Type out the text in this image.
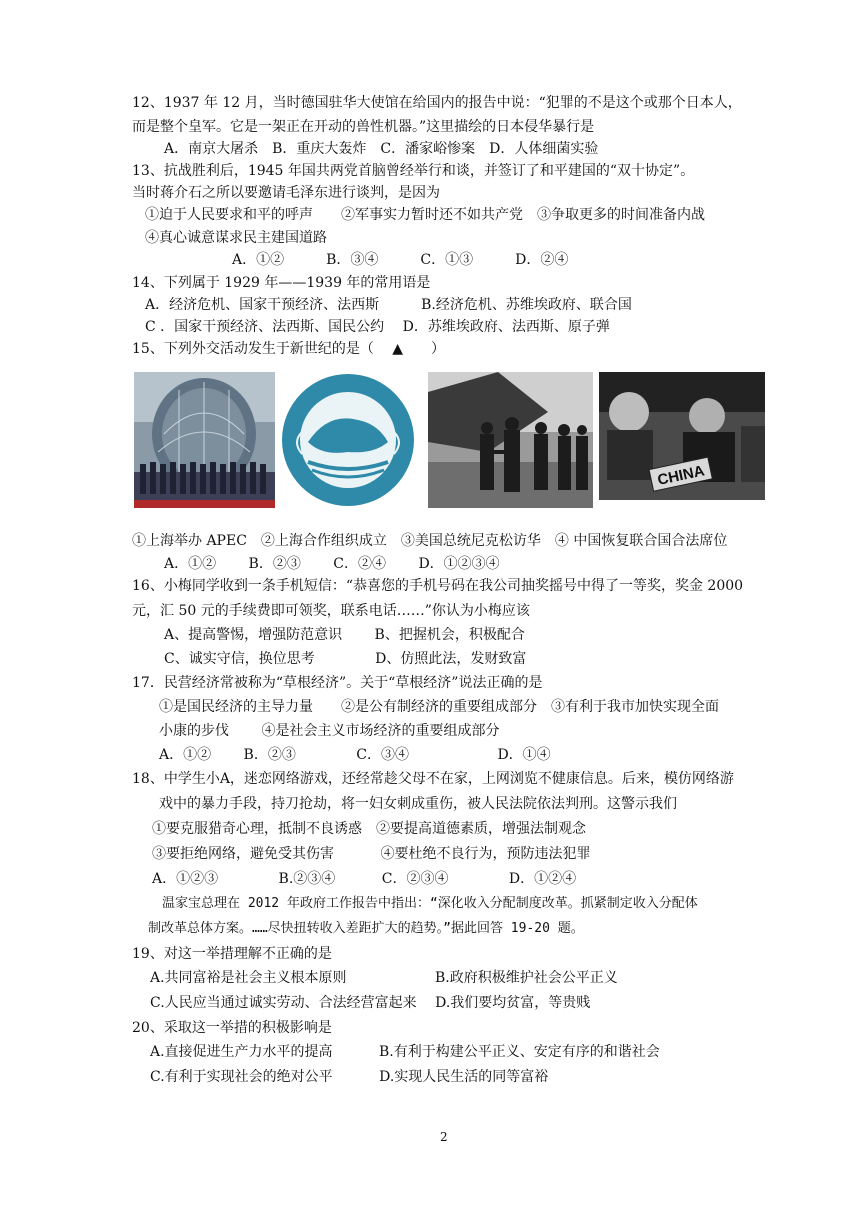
12、1937 年 12 月，当时德国驻华大使馆在给国内的报告中说：“犯罪的不是这个或那个日本人，
而是整个皇军。它是一架正在开动的兽性机器。”这里描绘的日本侵华暴行是
A．南京大屠杀　B．重庆大轰炸　C．潘家峪惨案　D．人体细菌实验
13、抗战胜利后，1945 年国共两党首脑曾经举行和谈，并签订了和平建国的“双十协定”。
当时蒋介石之所以要邀请毛泽东进行谈判，是因为
①迫于人民要求和平的呼声　　②军事实力暂时还不如共产党　③争取更多的时间准备内战
④真心诚意谋求民主建国道路
A．①②　　　B．③④　　　C．①③　　　D．②④
14、下列属于 1929 年——1939 年的常用语是
A．经济危机、国家干预经济、法西斯　　　B.经济危机、苏维埃政府、联合国
C ．国家干预经济、法西斯、国民公约　 D．苏维埃政府、法西斯、原子弹
15、下列外交活动发生于新世纪的是（　 ▲　　）
CHINA
①上海举办 APEC　②上海合作组织成立　③美国总统尼克松访华　④ 中国恢复联合国合法席位
A．①②　　 B．②③　　 C．②④　　 D．①②③④
16、小梅同学收到一条手机短信：“恭喜您的手机号码在我公司抽奖摇号中得了一等奖，奖金 2000
元，汇 50 元的手续费即可领奖，联系电话……”你认为小梅应该
A、提高警惕，增强防范意识　　 B、把握机会，积极配合
C、诚实守信，换位思考　　　　 D、仿照此法，发财致富
17．民营经济常被称为“草根经济”。关于“草根经济”说法正确的是
①是国民经济的主导力量　　②是公有制经济的重要组成部分　③有利于我市加快实现全面
小康的步伐　　 ④是社会主义市场经济的重要组成部分
A．①②　　 B．②③　　　　 C．③④　　　　　　 D．①④
18、中学生小A，迷恋网络游戏，还经常趁父母不在家，上网浏览不健康信息。后来，模仿网络游
戏中的暴力手段，持刀抢劫，将一妇女刺成重伤，被人民法院依法判刑。这警示我们
①要克服猎奇心理，抵制不良诱惑　②要提高道德素质，增强法制观念
③要拒绝网络，避免受其伤害　　　 ④要杜绝不良行为，预防违法犯罪
A．①②③　　　　 B.②③④　　　 C．②③④　　　　 D．①②④
温家宝总理在 2012 年政府工作报告中指出：“深化收入分配制度改革。抓紧制定收入分配体
制改革总体方案。……尽快扭转收入差距扩大的趋势。”据此回答 19-20 题。
19、对这一举措理解不正确的是
A.共同富裕是社会主义根本原则　　　　　　 B.政府积极维护社会公平正义
C.人民应当通过诚实劳动、合法经营富起来　 D.我们要均贫富，等贵贱
20、采取这一举措的积极影响是
A.直接促进生产力水平的提高　　　 B.有利于构建公平正义、安定有序的和谐社会
C.有利于实现社会的绝对公平　　　 D.实现人民生活的同等富裕
2
